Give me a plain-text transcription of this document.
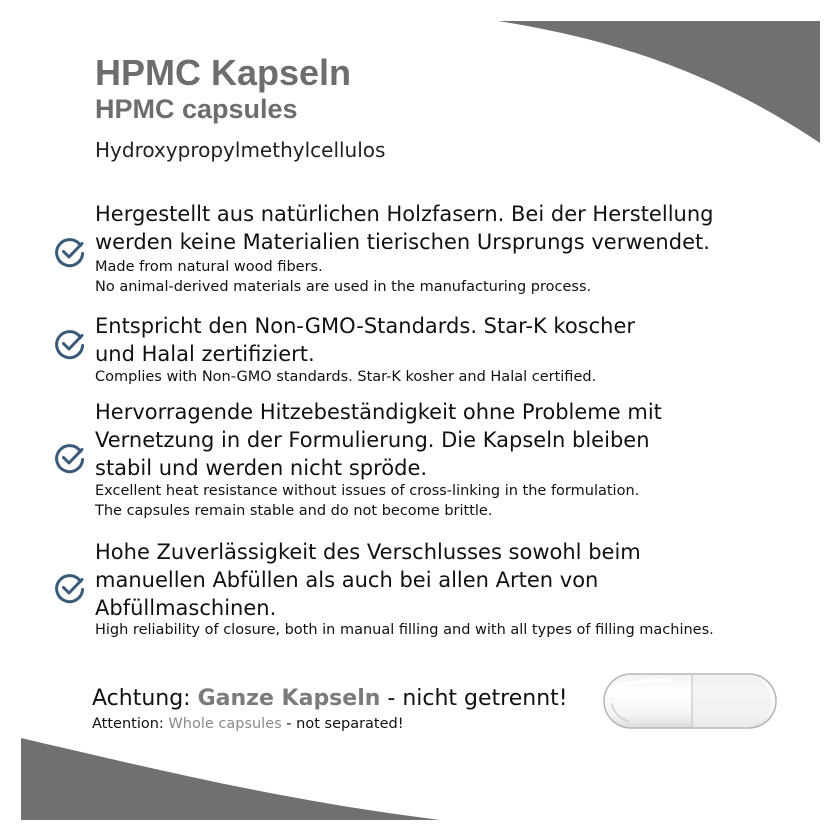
HPMC Kapseln
HPMC capsules
Hydroxypropylmethylcellulos
Hergestellt aus natürlichen Holzfasern. Bei der Herstellung
werden keine Materialien tierischen Ursprungs verwendet.
Made from natural wood fibers.
No animal-derived materials are used in the manufacturing process.
Entspricht den Non-GMO-Standards. Star-K koscher
und Halal zertifiziert.
Complies with Non-GMO standards. Star-K kosher and Halal certified.
Hervorragende Hitzebeständigkeit ohne Probleme mit
Vernetzung in der Formulierung. Die Kapseln bleiben
stabil und werden nicht spröde.
Excellent heat resistance without issues of cross-linking in the formulation.
The capsules remain stable and do not become brittle.
Hohe Zuverlässigkeit des Verschlusses sowohl beim
manuellen Abfüllen als auch bei allen Arten von
Abfüllmaschinen.
High reliability of closure, both in manual filling and with all types of filling machines.
Achtung: Ganze Kapseln - nicht getrennt!
Attention: Whole capsules - not separated!
